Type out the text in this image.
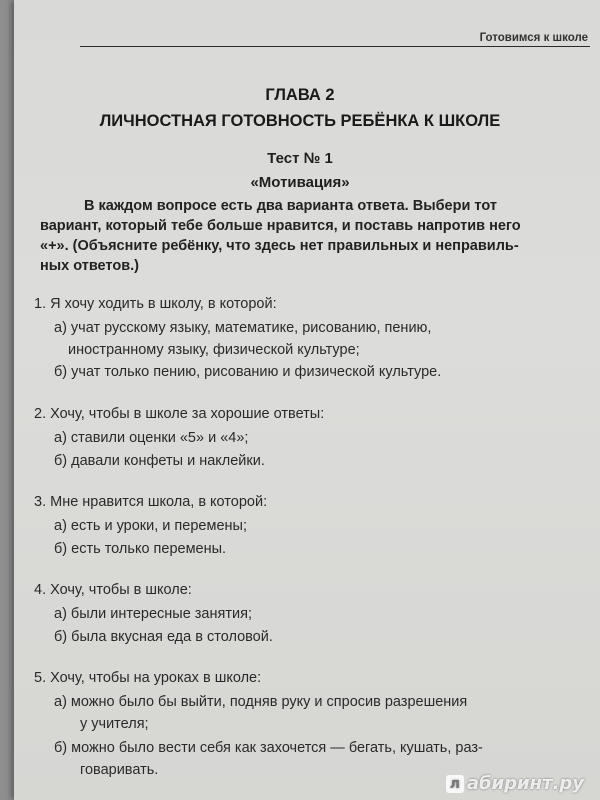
Готовимся к школе
ГЛАВА 2
ЛИЧНОСТНАЯ ГОТОВНОСТЬ РЕБЁНКА К ШКОЛЕ
Тест № 1
«Мотивация»
В каждом вопросе есть два варианта ответа. Выбери тот
вариант, который тебе больше нравится, и поставь напротив него
«+». (Объясните ребёнку, что здесь нет правильных и неправиль-
ных ответов.)
1. Я хочу ходить в школу, в которой:
а) учат русскому языку, математике, рисованию, пению,
иностранному языку, физической культуре;
б) учат только пению, рисованию и физической культуре.
2. Хочу, чтобы в школе за хорошие ответы:
а) ставили оценки «5» и «4»;
б) давали конфеты и наклейки.
3. Мне нравится школа, в которой:
а) есть и уроки, и перемены;
б) есть только перемены.
4. Хочу, чтобы в школе:
а) были интересные занятия;
б) была вкусная еда в столовой.
5. Хочу, чтобы на уроках в школе:
а) можно было бы выйти, подняв руку и спросив разрешения
у учителя;
б) можно было вести себя как захочется — бегать, кушать, раз-
говаривать.
л абиринт.ру
